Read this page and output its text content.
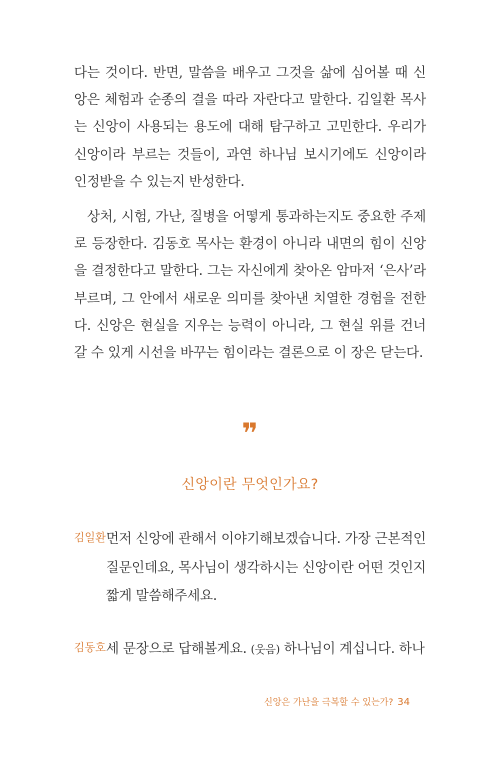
다는 것이다. 반면, 말씀을 배우고 그것을 삶에 심어볼 때 신앙은 체험과 순종의 결을 따라 자란다고 말한다. 김일환 목사는 신앙이 사용되는 용도에 대해 탐구하고 고민한다. 우리가 신앙이라 부르는 것들이, 과연 하나님 보시기에도 신앙이라 인정받을 수 있는지 반성한다.

상처, 시험, 가난, 질병을 어떻게 통과하는지도 중요한 주제로 등장한다. 김동호 목사는 환경이 아니라 내면의 힘이 신앙을 결정한다고 말한다. 그는 자신에게 찾아온 암마저 ‘은사’라 부르며, 그 안에서 새로운 의미를 찾아낸 치열한 경험을 전한다. 신앙은 현실을 지우는 능력이 아니라, 그 현실 위를 건너갈 수 있게 시선을 바꾸는 힘이라는 결론으로 이 장은 닫는다.

❞
신앙이란 무엇인가요?
김일환 먼저 신앙에 관해서 이야기해보겠습니다. 가장 근본적인 질문인데요, 목사님이 생각하시는 신앙이란 어떤 것인지 짧게 말씀해주세요.

김동호 세 문장으로 답해볼게요. (웃음) 하나님이 계십니다. 하나

신앙은 가난을 극복할 수 있는가? 34
